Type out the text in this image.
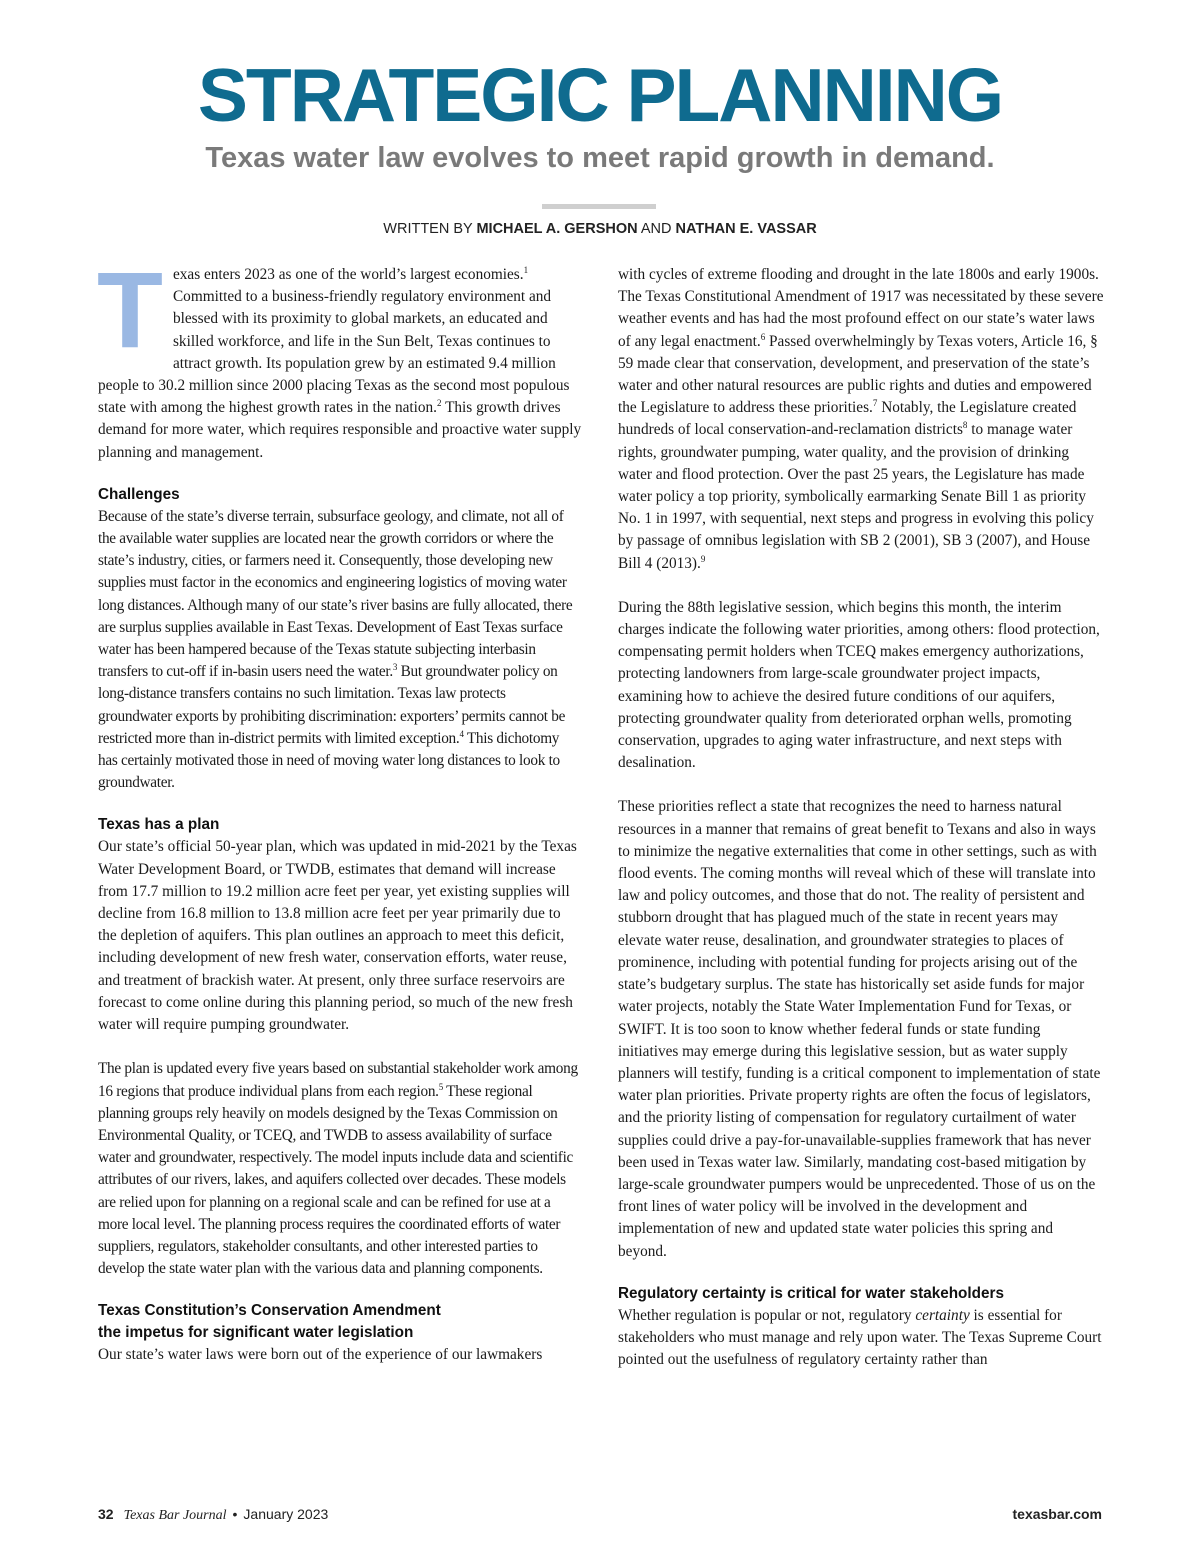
STRATEGIC PLANNING
Texas water law evolves to meet rapid growth in demand.
WRITTEN BY MICHAEL A. GERSHON AND NATHAN E. VASSAR

Texas enters 2023 as one of the world’s largest economies.$^1$ Committed to a business-friendly regulatory environment and blessed with its proximity to global markets, an educated and skilled workforce, and life in the Sun Belt, Texas continues to attract growth. Its population grew by an estimated 9.4 million people to 30.2 million since 2000 placing Texas as the second most populous state with among the highest growth rates in the nation.$^2$ This growth drives demand for more water, which requires responsible and proactive water supply planning and management.

Challenges

Because of the state’s diverse terrain, subsurface geology, and climate, not all of the available water supplies are located near the growth corridors or where the state’s industry, cities, or farmers need it. Consequently, those developing new supplies must factor in the economics and engineering logistics of moving water long distances. Although many of our state’s river basins are fully allocated, there are surplus supplies available in East Texas. Development of East Texas surface water has been hampered because of the Texas statute subjecting interbasin transfers to cut-off if in-basin users need the water.$^3$ But groundwater policy on long-distance transfers contains no such limitation. Texas law protects groundwater exports by prohibiting discrimination: exporters’ permits cannot be restricted more than in-district permits with limited exception.$^4$ This dichotomy has certainly motivated those in need of moving water long distances to look to groundwater.

Texas has a plan

Our state’s official 50-year plan, which was updated in mid-2021 by the Texas Water Development Board, or TWDB, estimates that demand will increase from 17.7 million to 19.2 million acre feet per year, yet existing supplies will decline from 16.8 million to 13.8 million acre feet per year primarily due to the depletion of aquifers. This plan outlines an approach to meet this deficit, including development of new fresh water, conservation efforts, water reuse, and treatment of brackish water. At present, only three surface reservoirs are forecast to come online during this planning period, so much of the new fresh water will require pumping groundwater.

The plan is updated every five years based on substantial stakeholder work among 16 regions that produce individual plans from each region.$^5$ These regional planning groups rely heavily on models designed by the Texas Commission on Environmental Quality, or TCEQ, and TWDB to assess availability of surface water and groundwater, respectively. The model inputs include data and scientific attributes of our rivers, lakes, and aquifers collected over decades. These models are relied upon for planning on a regional scale and can be refined for use at a more local level. The planning process requires the coordinated efforts of water suppliers, regulators, stakeholder consultants, and other interested parties to develop the state water plan with the various data and planning components.

Texas Constitution’s Conservation Amendment
the impetus for significant water legislation

Our state’s water laws were born out of the experience of our lawmakers

with cycles of extreme flooding and drought in the late 1800s and early 1900s. The Texas Constitutional Amendment of 1917 was necessitated by these severe weather events and has had the most profound effect on our state’s water laws of any legal enactment.$^6$ Passed overwhelmingly by Texas voters, Article 16, § 59 made clear that conservation, development, and preservation of the state’s water and other natural resources are public rights and duties and empowered the Legislature to address these priorities.$^7$ Notably, the Legislature created hundreds of local conservation-and-reclamation districts$^8$ to manage water rights, groundwater pumping, water quality, and the provision of drinking water and flood protection. Over the past 25 years, the Legislature has made water policy a top priority, symbolically earmarking Senate Bill 1 as priority No. 1 in 1997, with sequential, next steps and progress in evolving this policy by passage of omnibus legislation with SB 2 (2001), SB 3 (2007), and House Bill 4 (2013).$^9$

During the 88th legislative session, which begins this month, the interim charges indicate the following water priorities, among others: flood protection, compensating permit holders when TCEQ makes emergency authorizations, protecting landowners from large-scale groundwater project impacts, examining how to achieve the desired future conditions of our aquifers, protecting groundwater quality from deteriorated orphan wells, promoting conservation, upgrades to aging water infrastructure, and next steps with desalination.

These priorities reflect a state that recognizes the need to harness natural resources in a manner that remains of great benefit to Texans and also in ways to minimize the negative externalities that come in other settings, such as with flood events. The coming months will reveal which of these will translate into law and policy outcomes, and those that do not. The reality of persistent and stubborn drought that has plagued much of the state in recent years may elevate water reuse, desalination, and groundwater strategies to places of prominence, including with potential funding for projects arising out of the state’s budgetary surplus. The state has historically set aside funds for major water projects, notably the State Water Implementation Fund for Texas, or SWIFT. It is too soon to know whether federal funds or state funding initiatives may emerge during this legislative session, but as water supply planners will testify, funding is a critical component to implementation of state water plan priorities. Private property rights are often the focus of legislators, and the priority listing of compensation for regulatory curtailment of water supplies could drive a pay-for-unavailable-supplies framework that has never been used in Texas water law. Similarly, mandating cost-based mitigation by large-scale groundwater pumpers would be unprecedented. Those of us on the front lines of water policy will be involved in the development and implementation of new and updated state water policies this spring and beyond.

Regulatory certainty is critical for water stakeholders

Whether regulation is popular or not, regulatory certainty is essential for stakeholders who must manage and rely upon water. The Texas Supreme Court pointed out the usefulness of regulatory certainty rather than

32 Texas Bar Journal • January 2023	texasbar.com
